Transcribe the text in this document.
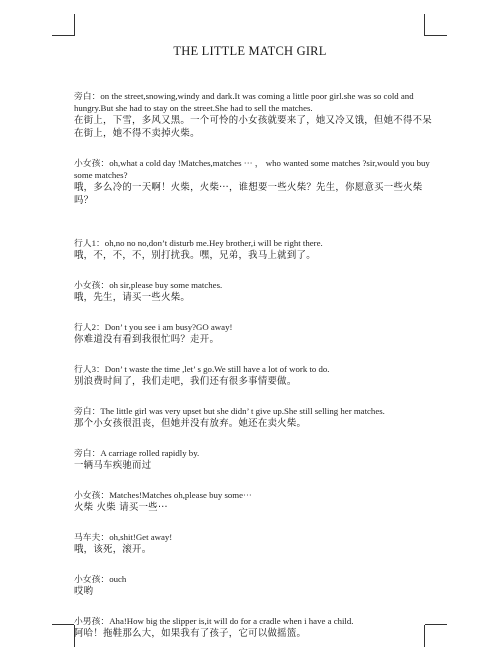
THE LITTLE MATCH GIRL
旁白：on the street,snowing,windy and dark.It was coming a little poor girl.she was so cold and hungry.But she had to stay on the street.She had to sell the matches.
在街上，下雪，多风又黑。一个可怜的小女孩就要来了，她又冷又饿，但她不得不呆在街上，她不得不卖掉火柴。
小女孩：oh,what a cold day !Matches,matches ··· ， who wanted some matches ?sir,would you buy some matches?
哦，多么冷的一天啊！火柴，火柴···，谁想要一些火柴？先生，你愿意买一些火柴吗？
行人1：oh,no no no,don’t disturb me.Hey brother,i will be right there.
哦，不，不，不，别打扰我。嘿，兄弟，我马上就到了。
小女孩：oh sir,please buy some matches.
哦，先生，请买一些火柴。
行人2：Don’ t you see i am busy?GO away!
你难道没有看到我很忙吗？走开。
行人3：Don’ t waste the time ,let’ s go.We still have a lot of work to do.
别浪费时间了，我们走吧，我们还有很多事情要做。
旁白：The little girl was very upset but she didn’ t give up.She still selling her matches.
那个小女孩很沮丧，但她并没有放弃。她还在卖火柴。
旁白：A carriage rolled rapidly by.
一辆马车疾驰而过
小女孩：Matches!Matches oh,please buy some···
火柴 火柴 请买一些···
马车夫：oh,shit!Get away!
哦，该死，滚开。
小女孩：ouch
哎哟
小男孩：Aha!How big the slipper is,it will do for a cradle when i have a child.
阿哈！拖鞋那么大，如果我有了孩子，它可以做摇篮。
